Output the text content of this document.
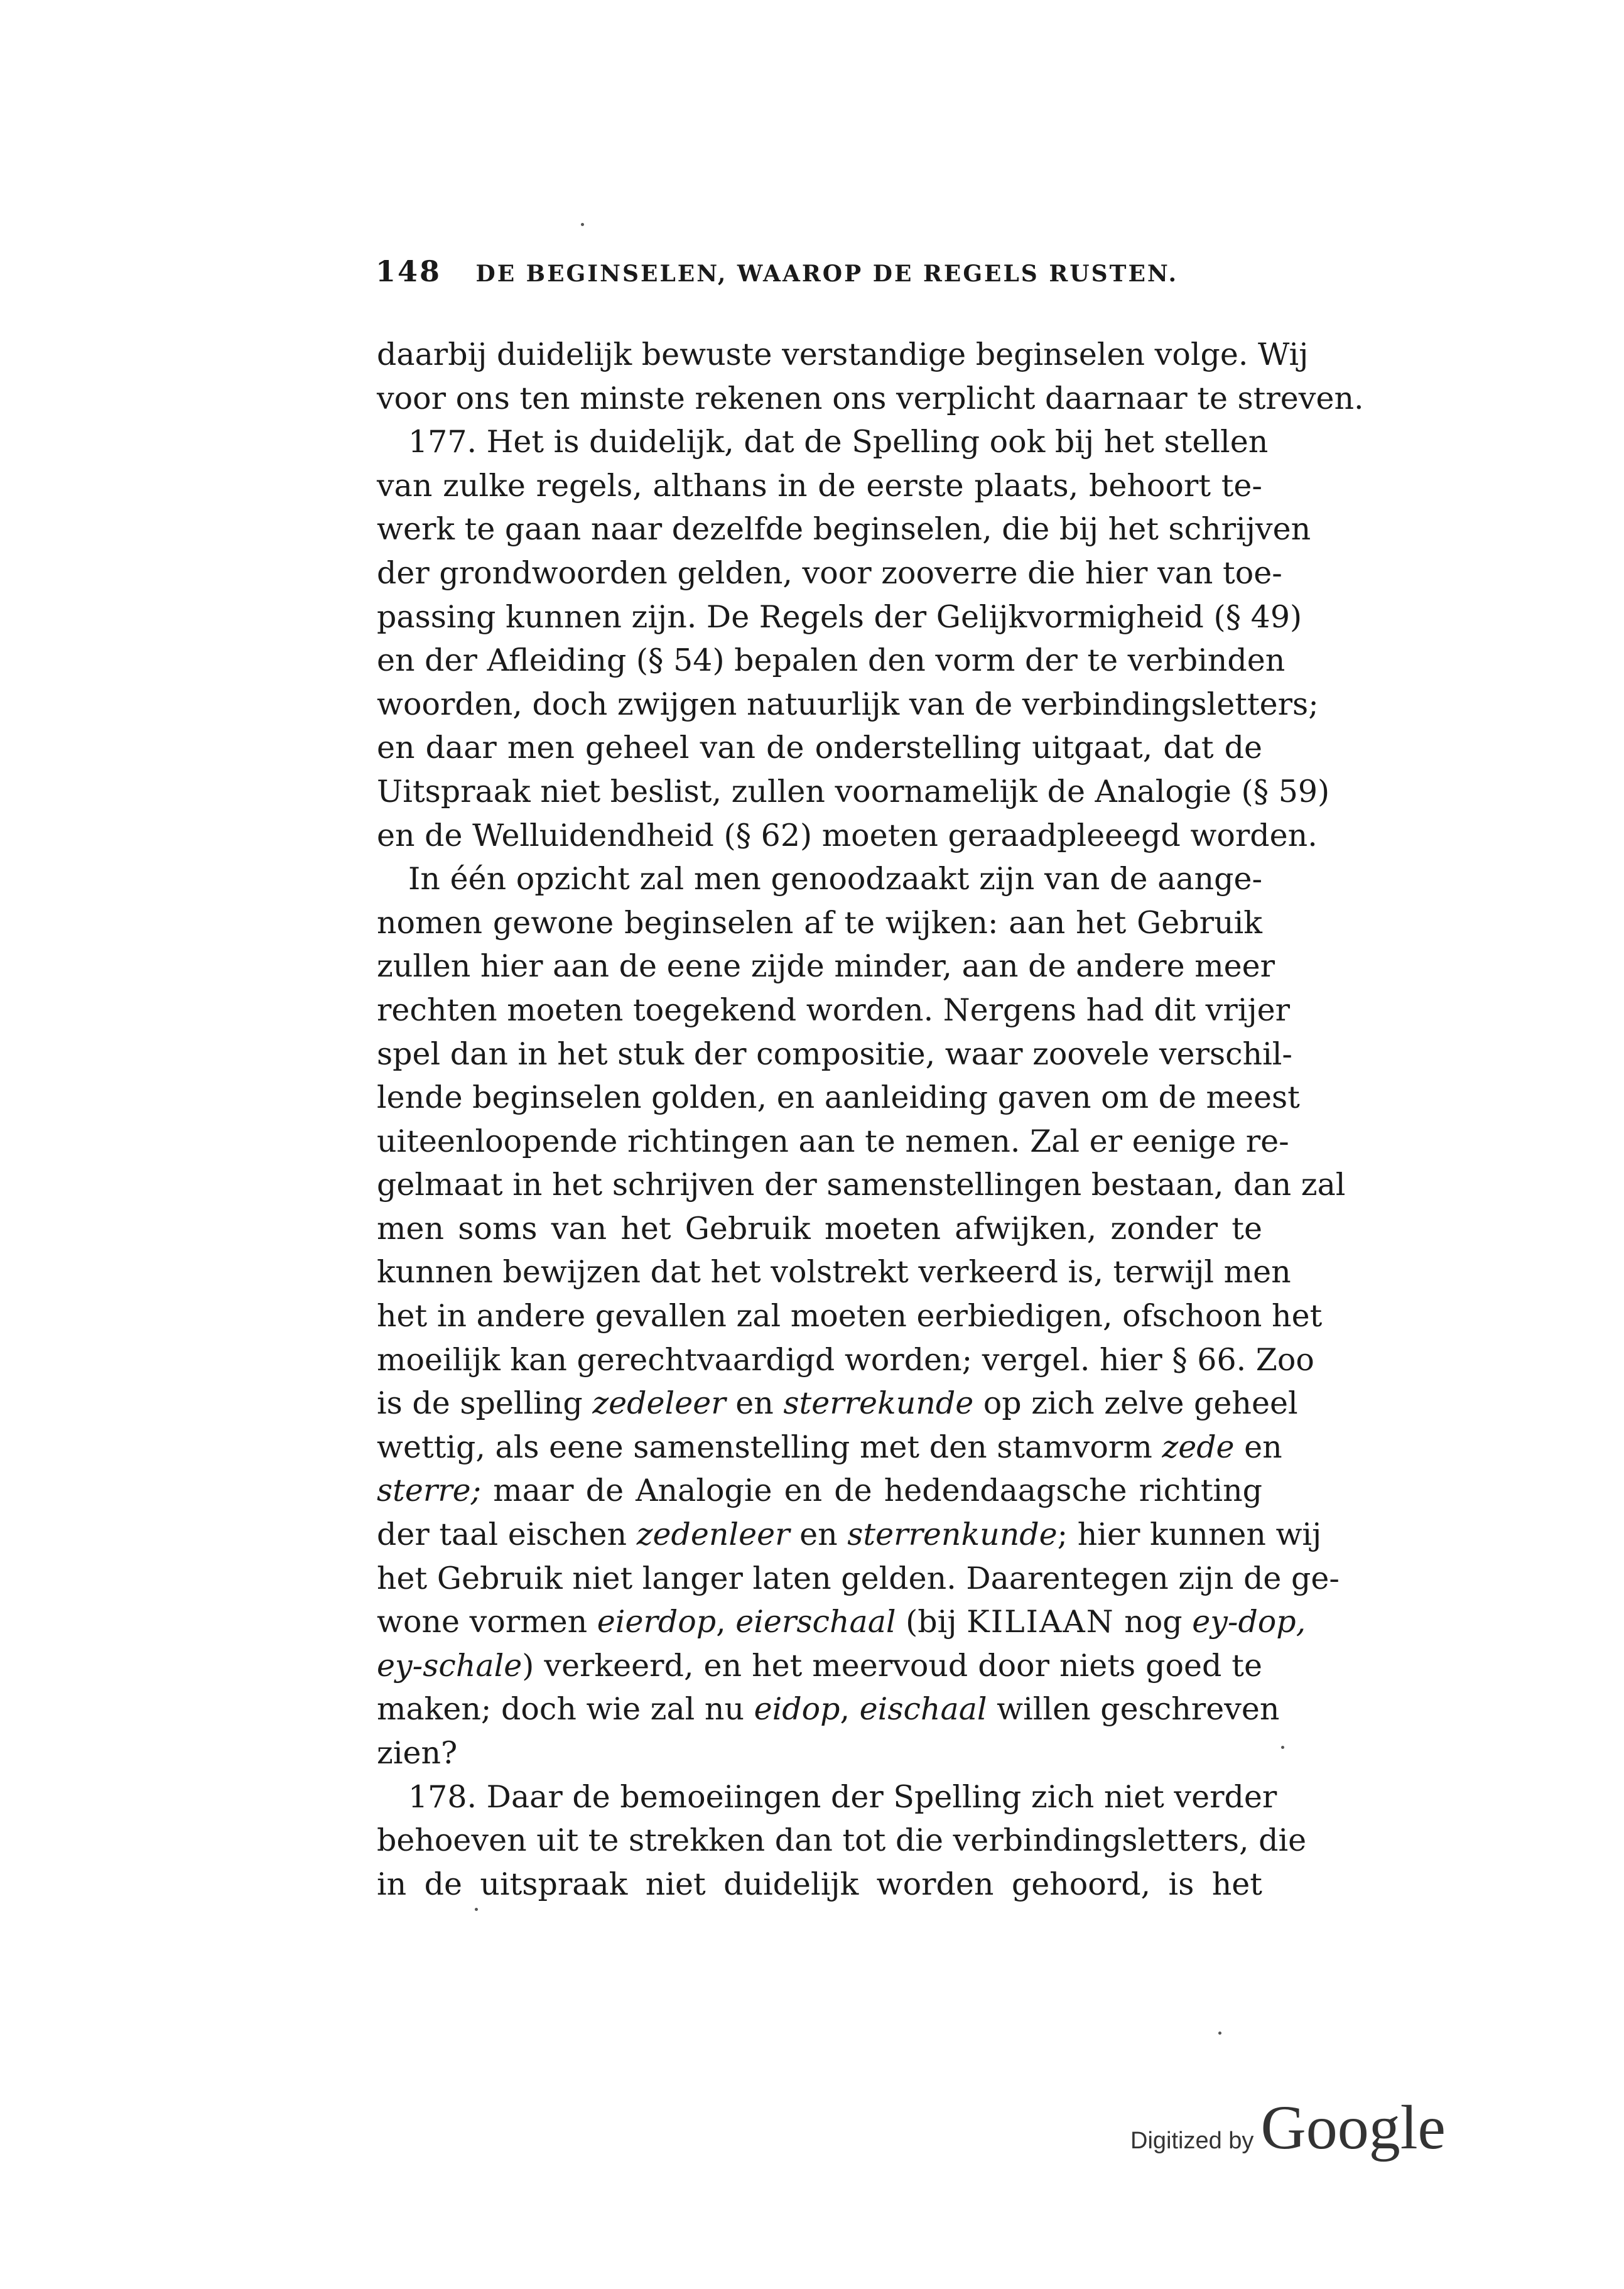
148 DE BEGINSELEN, WAAROP DE REGELS RUSTEN.
daarbij duidelijk bewuste verstandige beginselen volge. Wij
voor ons ten minste rekenen ons verplicht daarnaar te streven.
177. Het is duidelijk, dat de Spelling ook bij het stellen
van zulke regels, althans in de eerste plaats, behoort te-
werk te gaan naar dezelfde beginselen, die bij het schrijven
der grondwoorden gelden, voor zooverre die hier van toe-
passing kunnen zijn. De Regels der Gelijkvormigheid (§ 49)
en der Afleiding (§ 54) bepalen den vorm der te verbinden
woorden, doch zwijgen natuurlijk van de verbindingsletters;
en daar men geheel van de onderstelling uitgaat, dat de
Uitspraak niet beslist, zullen voornamelijk de Analogie (§ 59)
en de Welluidendheid (§ 62) moeten geraadpleeegd worden.
In één opzicht zal men genoodzaakt zijn van de aange-
nomen gewone beginselen af te wijken: aan het Gebruik
zullen hier aan de eene zijde minder, aan de andere meer
rechten moeten toegekend worden. Nergens had dit vrijer
spel dan in het stuk der compositie, waar zoovele verschil-
lende beginselen golden, en aanleiding gaven om de meest
uiteenloopende richtingen aan te nemen. Zal er eenige re-
gelmaat in het schrijven der samenstellingen bestaan, dan zal
men soms van het Gebruik moeten afwijken, zonder te
kunnen bewijzen dat het volstrekt verkeerd is, terwijl men
het in andere gevallen zal moeten eerbiedigen, ofschoon het
moeilijk kan gerechtvaardigd worden; vergel. hier § 66. Zoo
is de spelling zedeleer en sterrekunde op zich zelve geheel
wettig, als eene samenstelling met den stamvorm zede en
sterre; maar de Analogie en de hedendaagsche richting
der taal eischen zedenleer en sterrenkunde; hier kunnen wij
het Gebruik niet langer laten gelden. Daarentegen zijn de ge-
wone vormen eierdop, eierschaal (bij KILIAAN nog ey-dop,
ey-schale) verkeerd, en het meervoud door niets goed te
maken; doch wie zal nu eidop, eischaal willen geschreven
zien?
178. Daar de bemoeiingen der Spelling zich niet verder
behoeven uit te strekken dan tot die verbindingsletters, die
in de uitspraak niet duidelijk worden gehoord, is het
Digitized by Google
